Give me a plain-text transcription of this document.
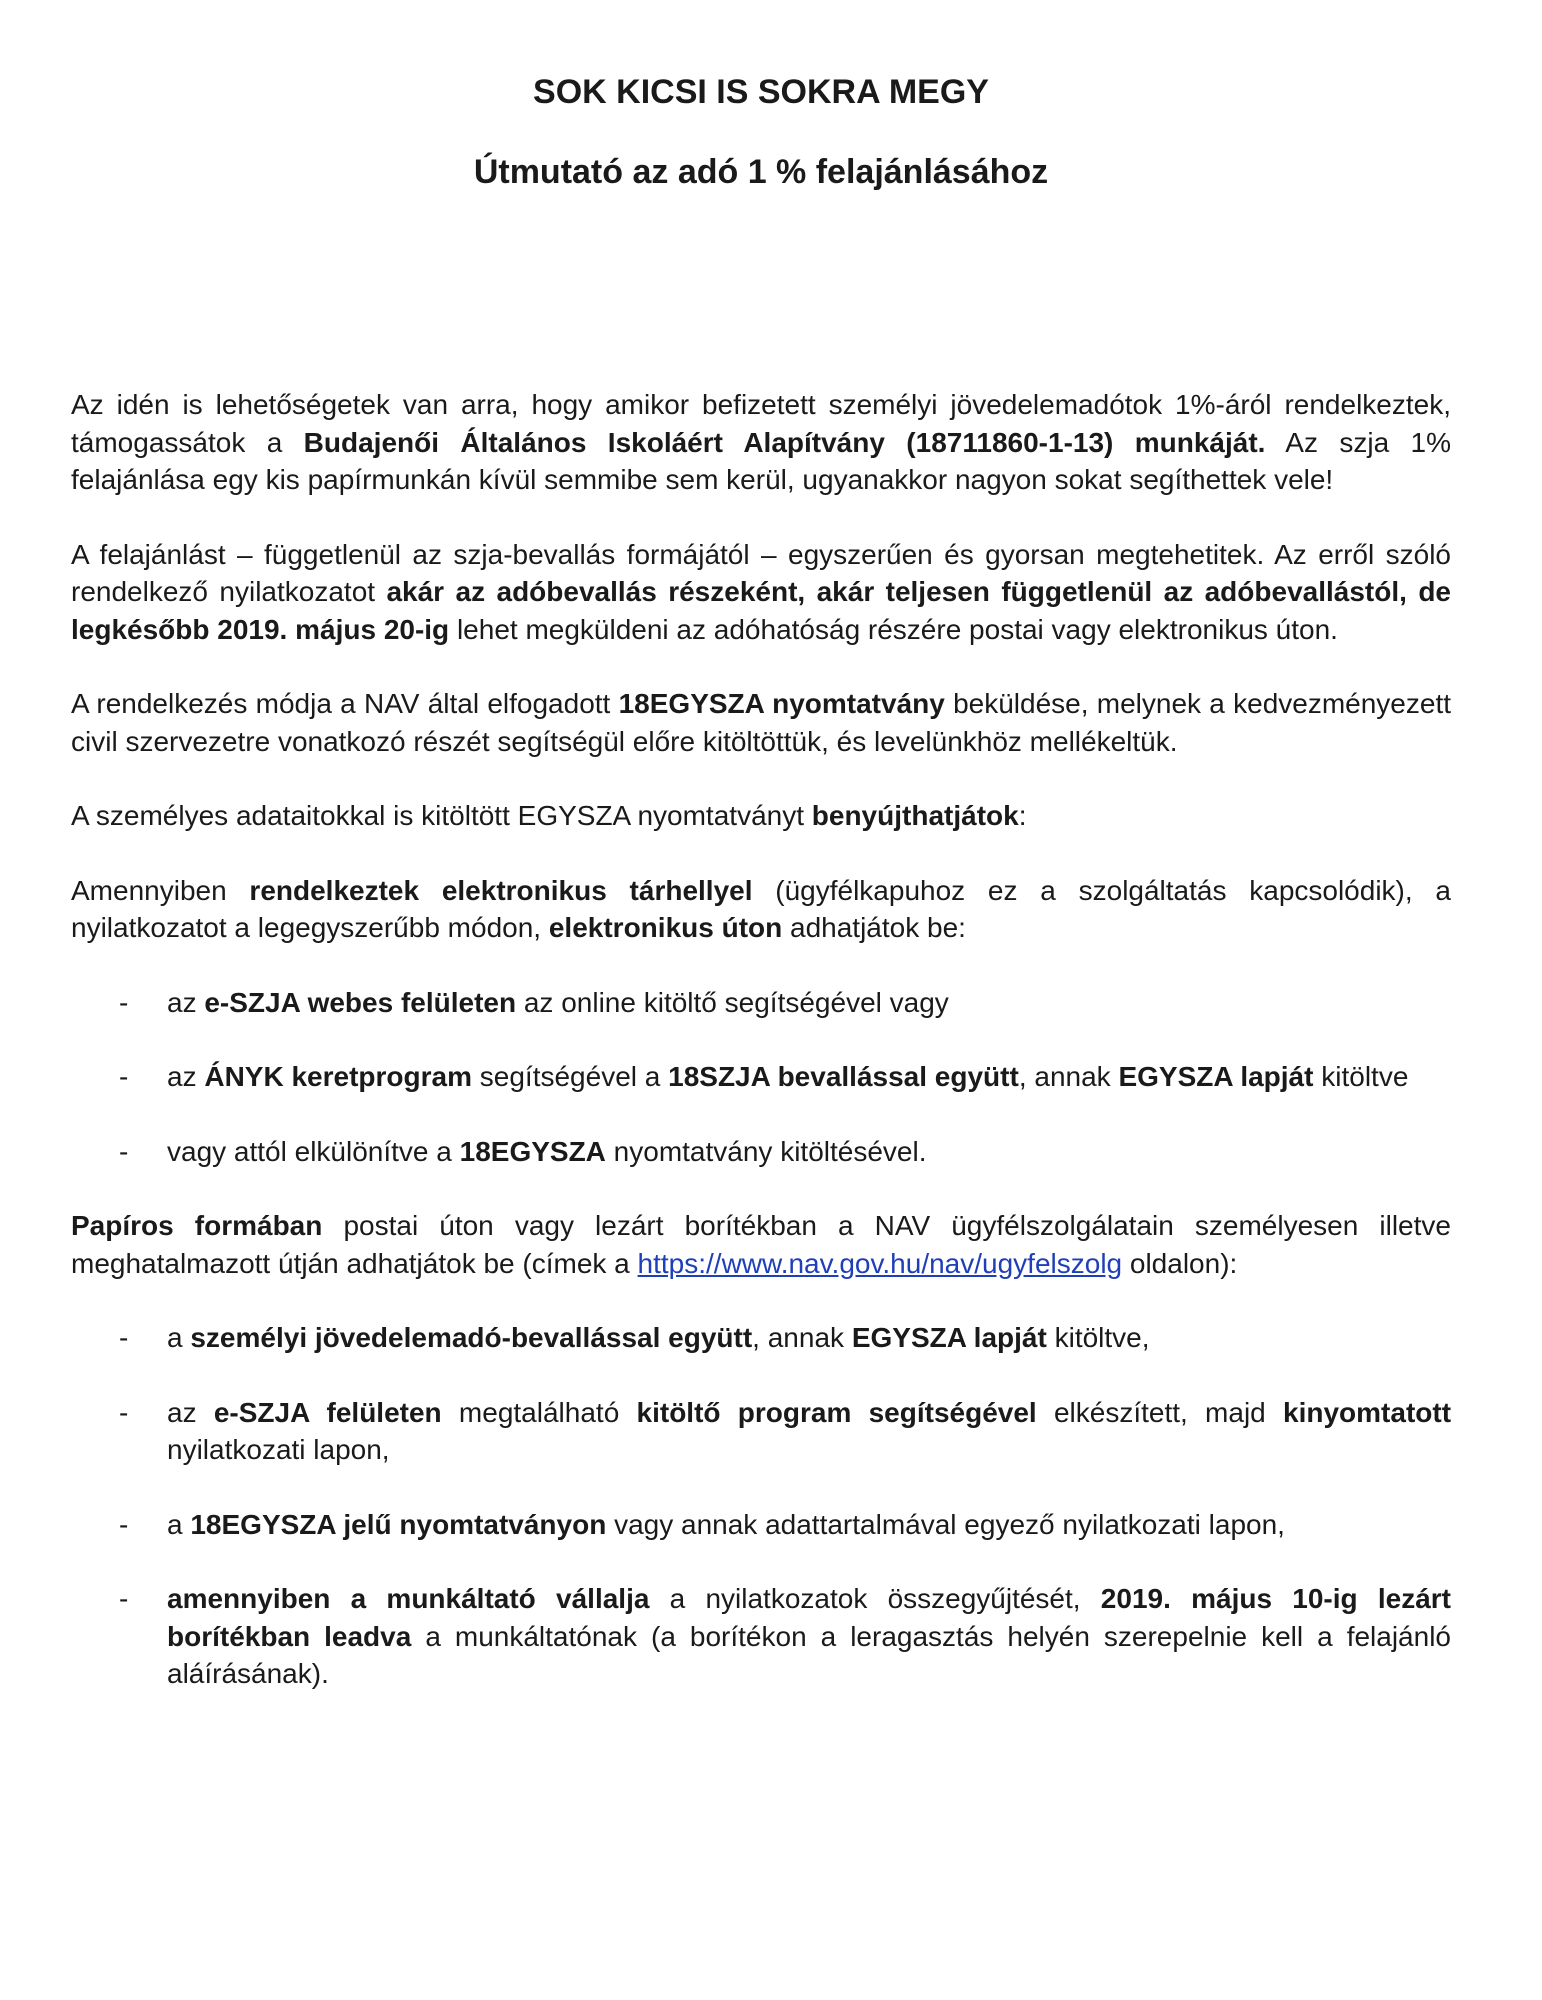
SOK KICSI IS SOKRA MEGY
Útmutató az adó 1 % felajánlásához

Az idén is lehetőségetek van arra, hogy amikor befizetett személyi jövedelemadótok 1%-áról rendelkeztek, támogassátok a Budajenői Általános Iskoláért Alapítvány (18711860-1-13) munkáját. Az szja 1% felajánlása egy kis papírmunkán kívül semmibe sem kerül, ugyanakkor nagyon sokat segíthettek vele!

A felajánlást – függetlenül az szja-bevallás formájától – egyszerűen és gyorsan megtehetitek. Az erről szóló rendelkező nyilatkozatot akár az adóbevallás részeként, akár teljesen függetlenül az adóbevallástól, de legkésőbb 2019. május 20-ig lehet megküldeni az adóhatóság részére postai vagy elektronikus úton.

A rendelkezés módja a NAV által elfogadott 18EGYSZA nyomtatvány beküldése, melynek a kedvezményezett civil szervezetre vonatkozó részét segítségül előre kitöltöttük, és levelünkhöz mellékeltük.

A személyes adataitokkal is kitöltött EGYSZA nyomtatványt benyújthatjátok:

Amennyiben rendelkeztek elektronikus tárhellyel (ügyfélkapuhoz ez a szolgáltatás kapcsolódik), a nyilatkozatot a legegyszerűbb módon, elektronikus úton adhatjátok be:

- az e-SZJA webes felületen az online kitöltő segítségével vagy
- az ÁNYK keretprogram segítségével a 18SZJA bevallással együtt, annak EGYSZA lapját kitöltve
- vagy attól elkülönítve a 18EGYSZA nyomtatvány kitöltésével.

Papíros formában postai úton vagy lezárt borítékban a NAV ügyfélszolgálatain személyesen illetve meghatalmazott útján adhatjátok be (címek a https://www.nav.gov.hu/nav/ugyfelszolg oldalon):

- a személyi jövedelemadó-bevallással együtt, annak EGYSZA lapját kitöltve,
- az e-SZJA felületen megtalálható kitöltő program segítségével elkészített, majd kinyomtatott nyilatkozati lapon,
- a 18EGYSZA jelű nyomtatványon vagy annak adattartalmával egyező nyilatkozati lapon,
- amennyiben a munkáltató vállalja a nyilatkozatok összegyűjtését, 2019. május 10-ig lezárt borítékban leadva a munkáltatónak (a borítékon a leragasztás helyén szerepelnie kell a felajánló aláírásának).
